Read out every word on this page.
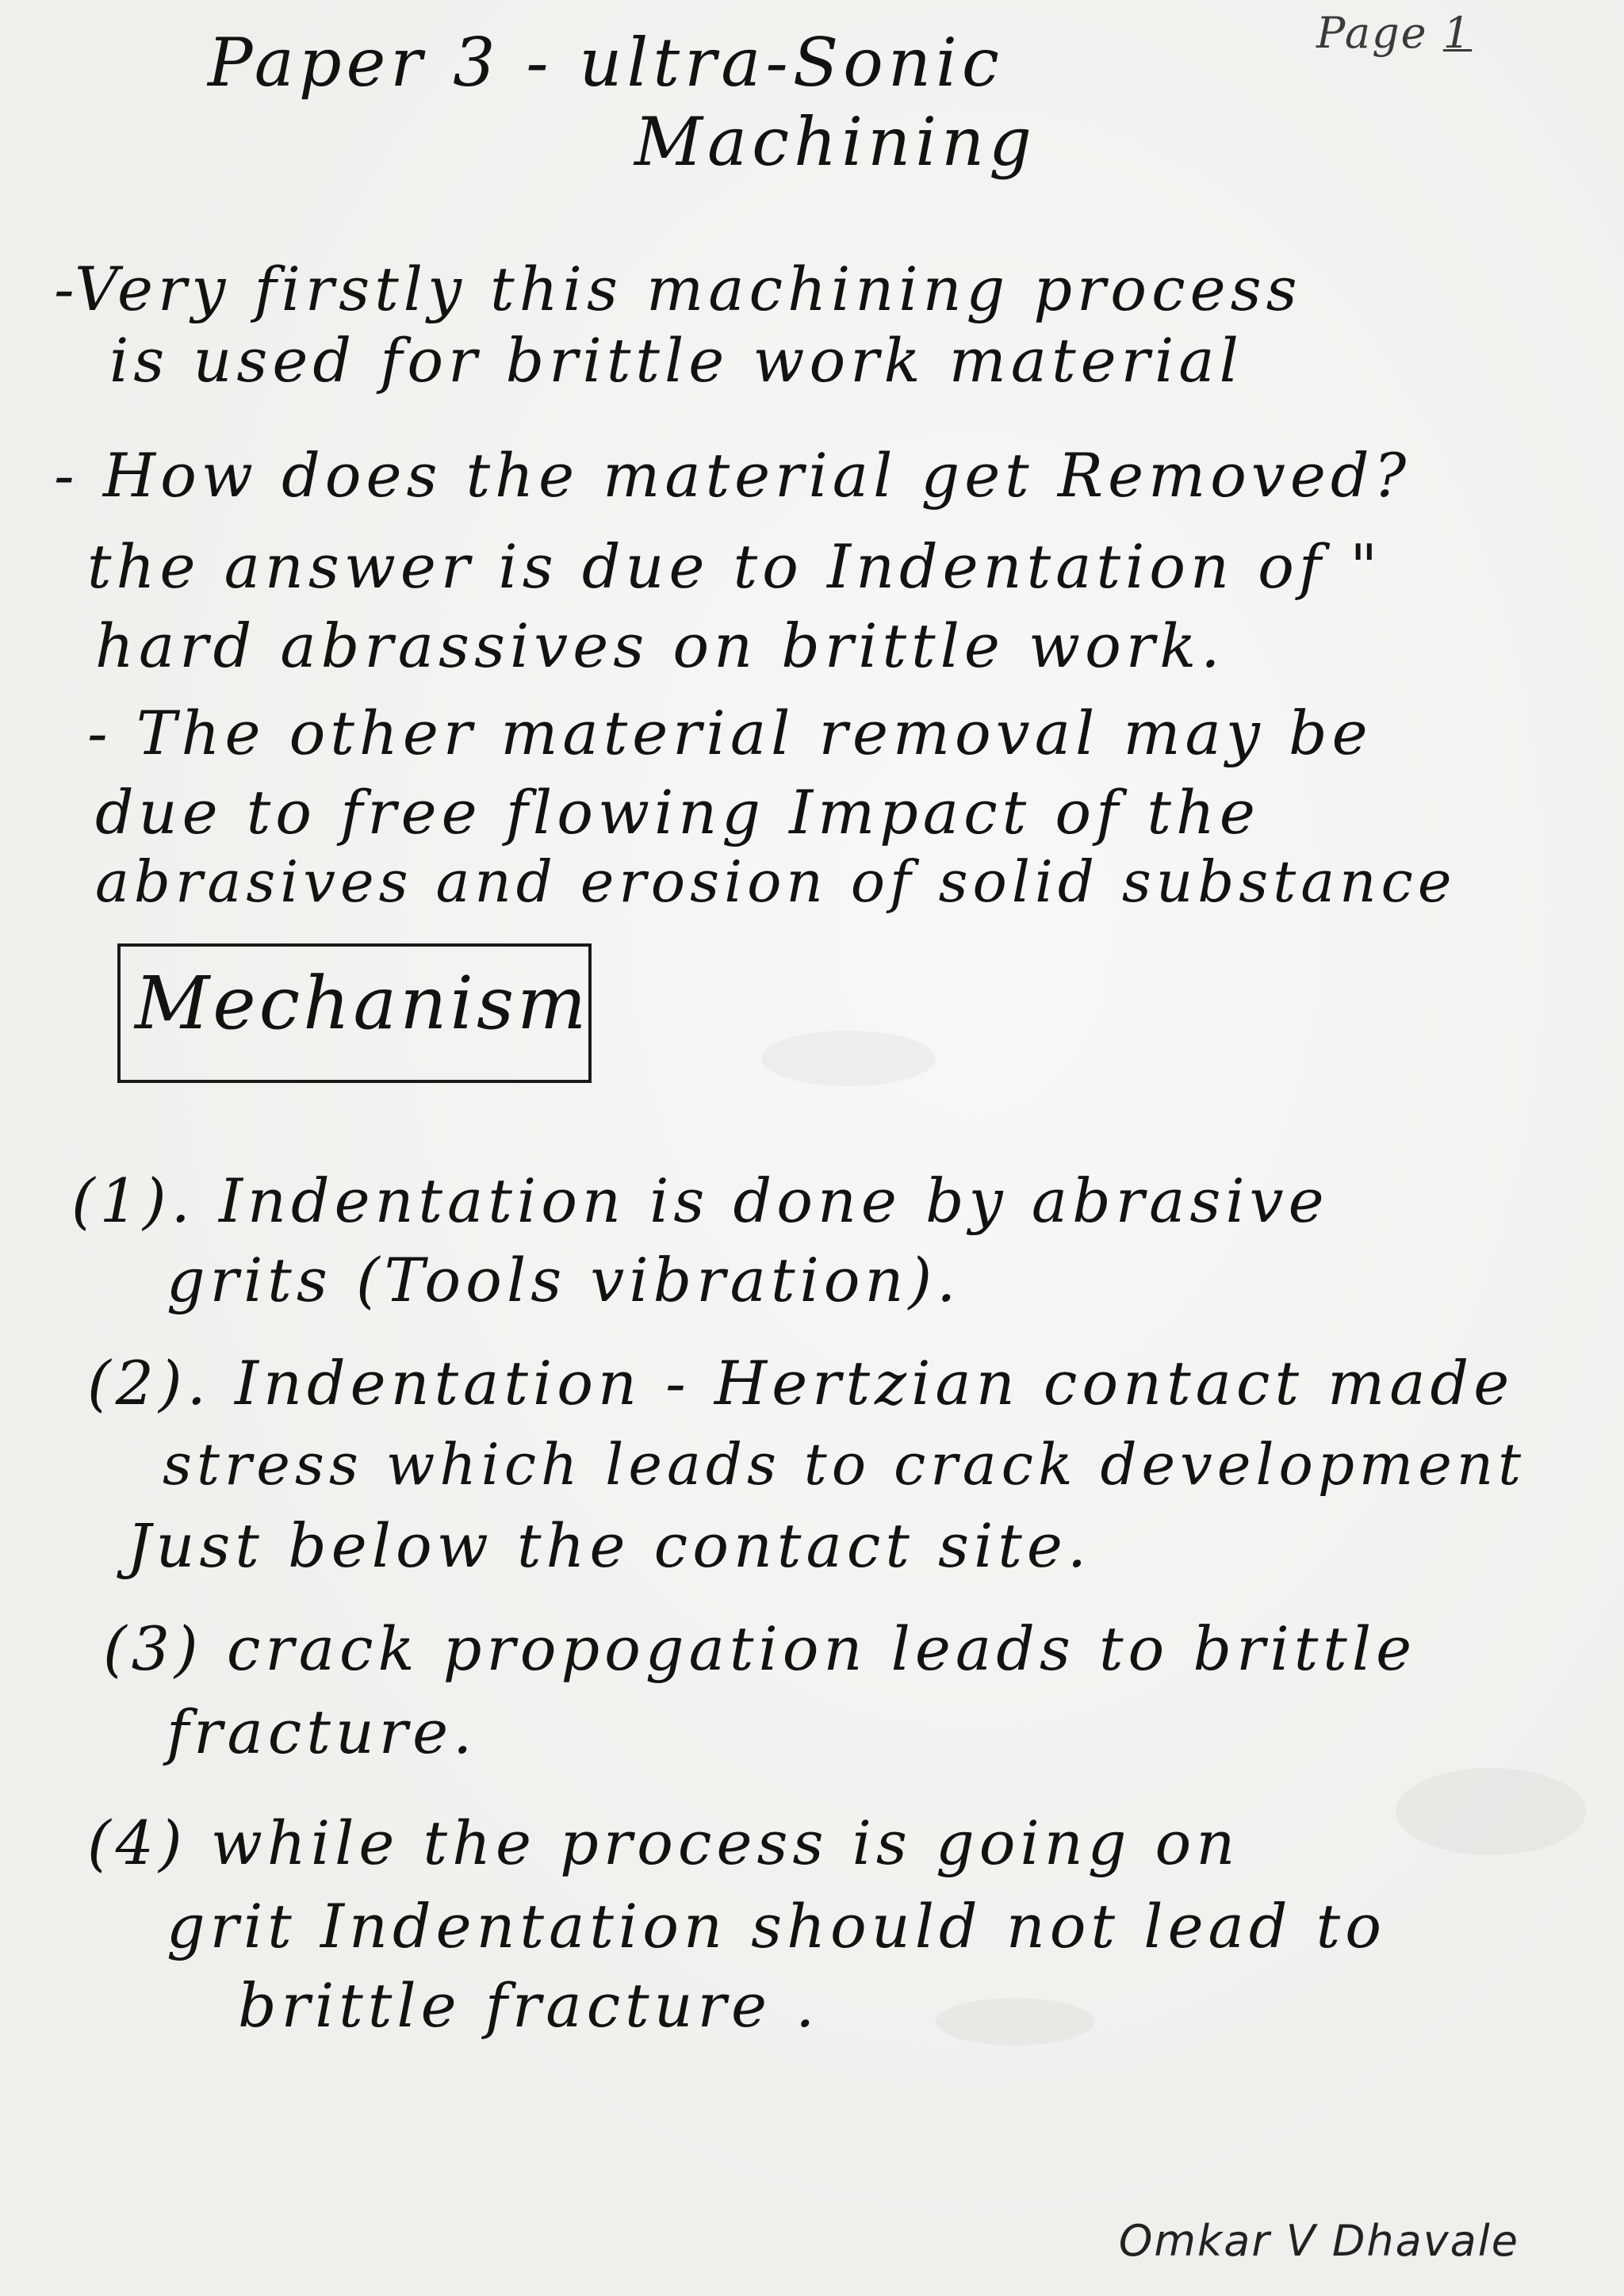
Page 1
Paper 3 - ultra-Sonic
Machining
-Very firstly this machining process
is used for brittle work material
- How does the material get Removed?
the answer is due to Indentation of "
hard abrassives on brittle work.
- The other material removal may be
due to free flowing Impact of the
abrasives and erosion of solid substance
Mechanism
(1). Indentation is done by abrasive
grits (Tools vibration).
(2). Indentation - Hertzian contact made
stress which leads to crack development
Just below the contact site.
(3) crack propogation leads to brittle
fracture.
(4) while the process is going on
grit Indentation should not lead to
brittle fracture .
Omkar V Dhavale
